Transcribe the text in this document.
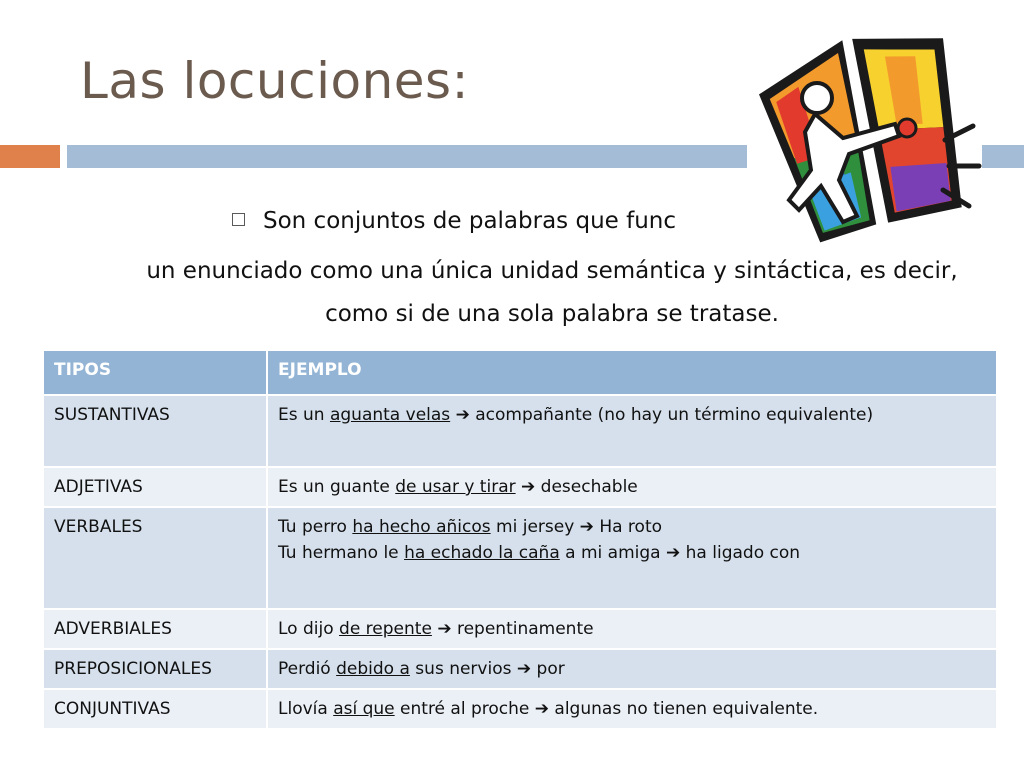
Las locuciones:
Son conjuntos de palabras que func
un enunciado como una única unidad semántica y sintáctica, es decir,
como si de una sola palabra se tratase.
TIPOS	EJEMPLO
SUSTANTIVAS	Es un aguanta velas ➔ acompañante (no hay un término equivalente)
ADJETIVAS	Es un guante de usar y tirar ➔ desechable
VERBALES	Tu perro ha hecho añicos mi jersey ➔ Ha roto
Tu hermano le ha echado la caña a mi amiga ➔ ha ligado con

ADVERBIALES	Lo dijo de repente ➔ repentinamente
PREPOSICIONALES	Perdió debido a sus nervios ➔ por
CONJUNTIVAS	Llovía así que entré al proche ➔ algunas no tienen equivalente.
